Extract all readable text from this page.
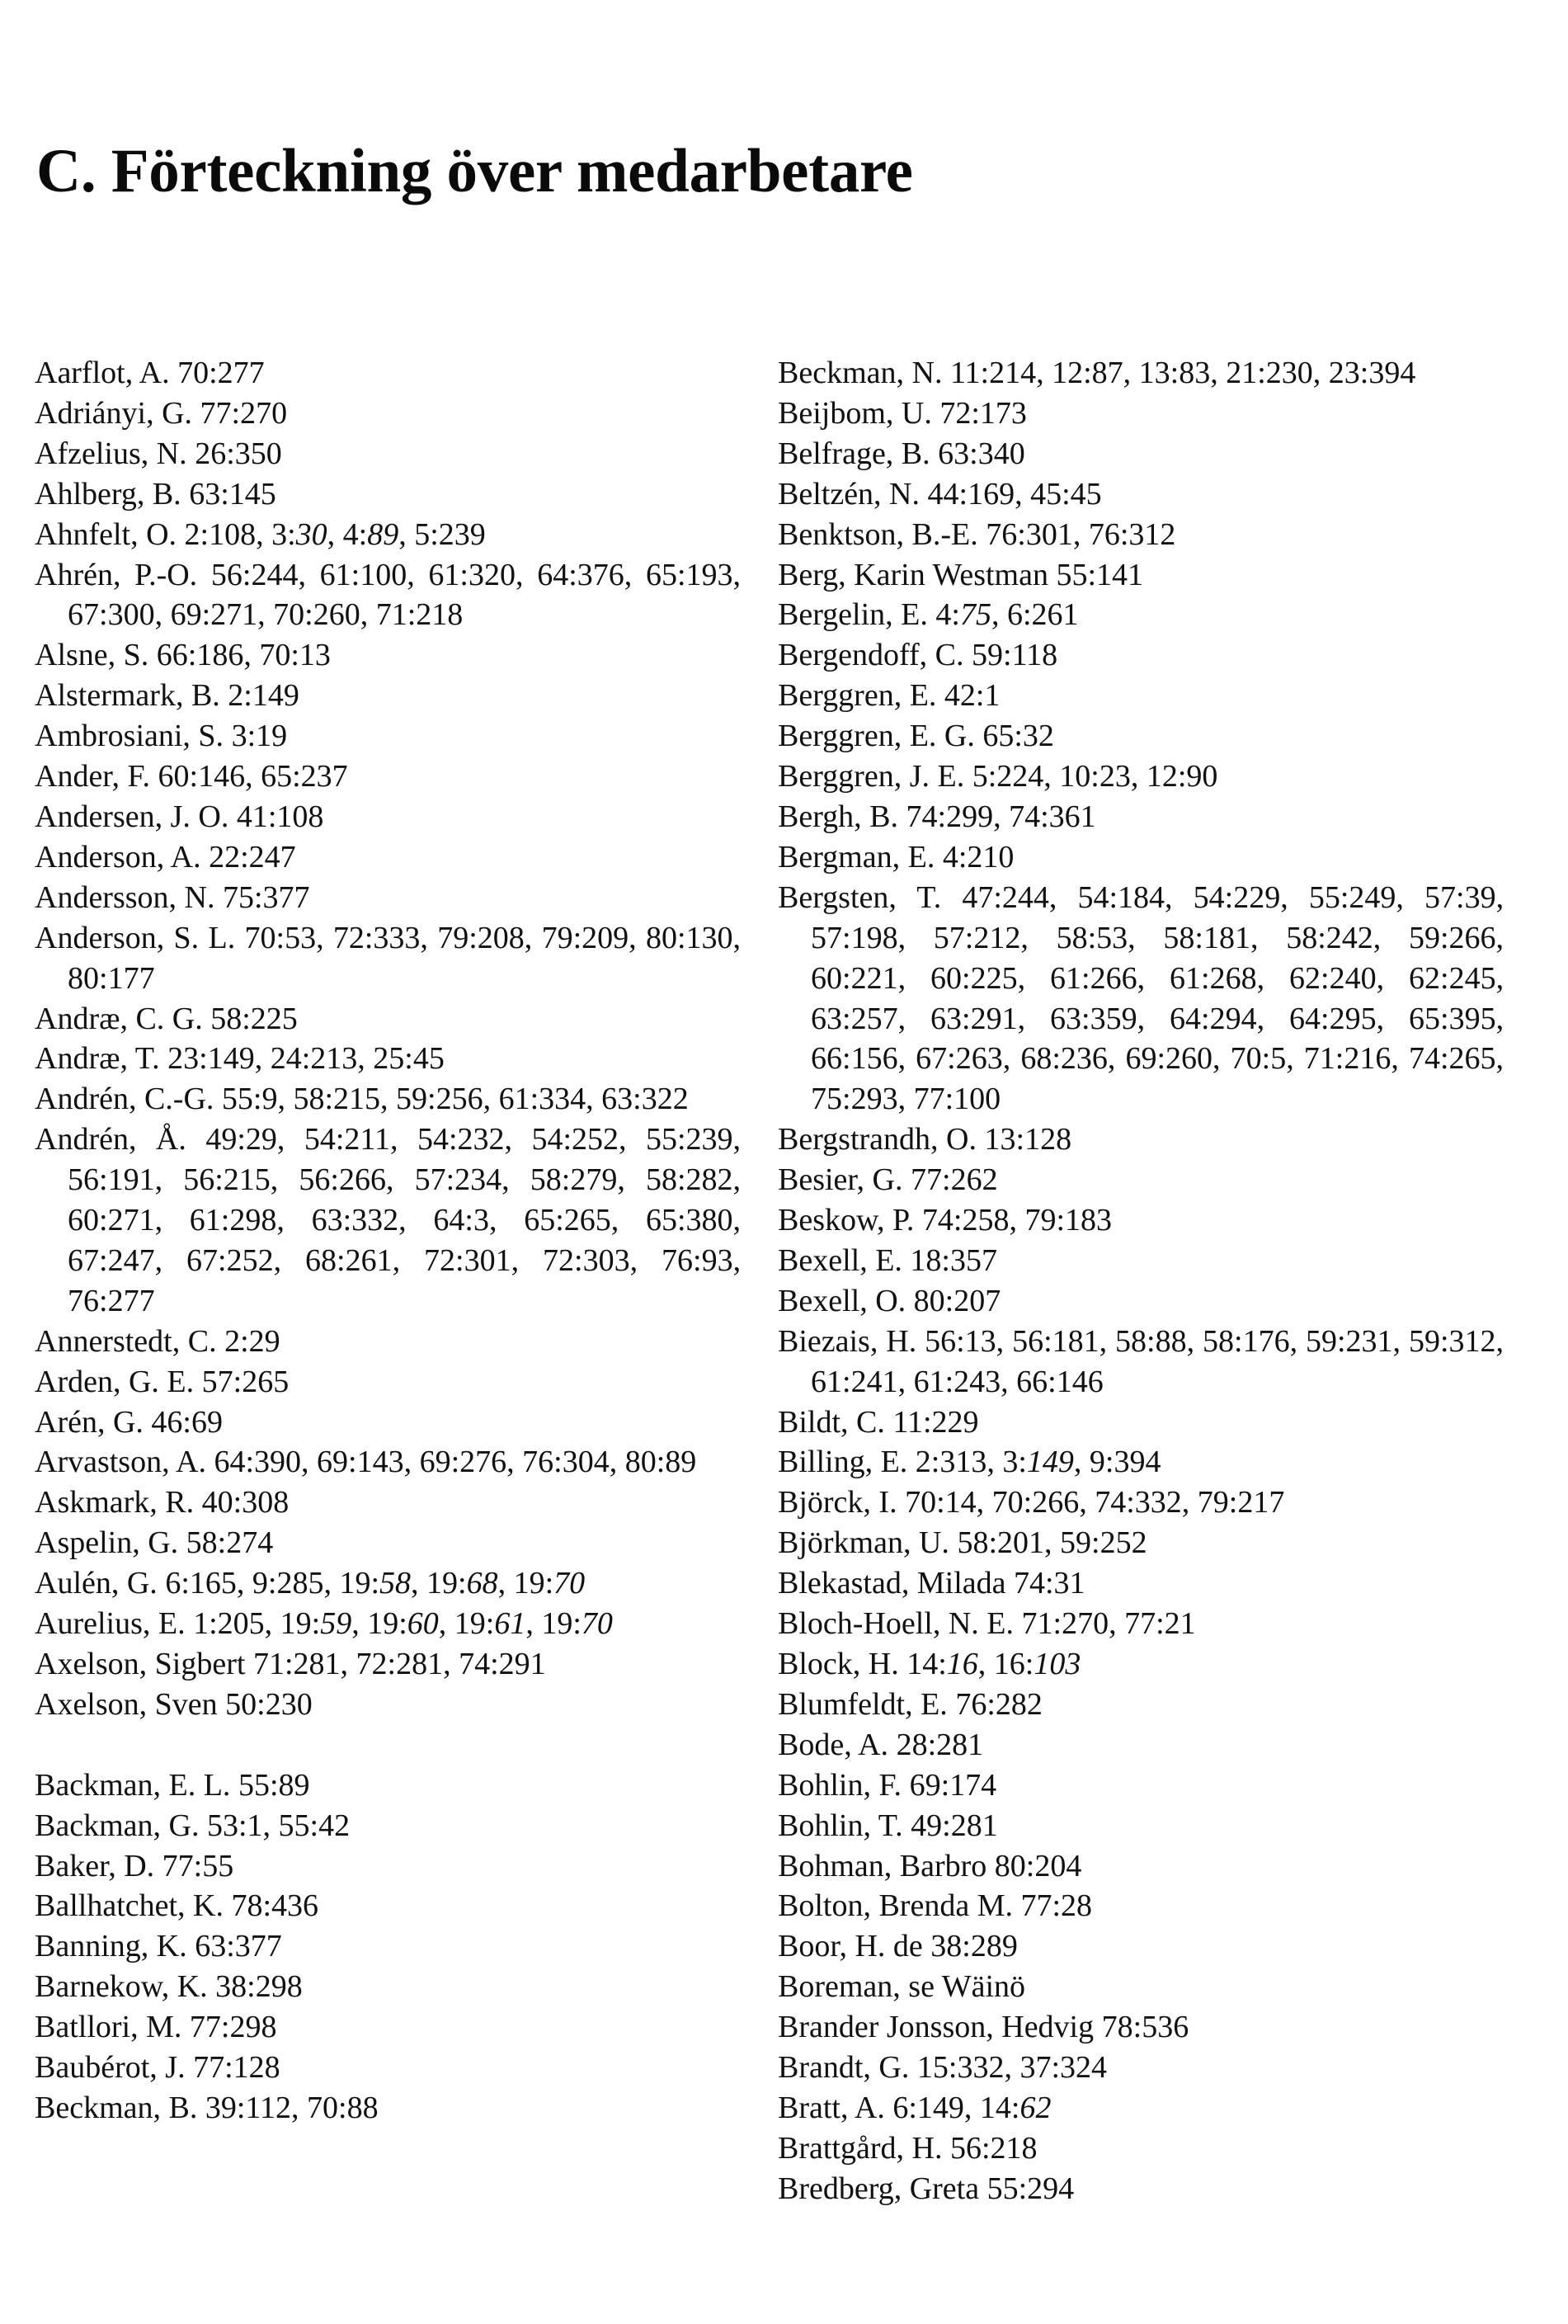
C. Förteckning över medarbetare
Aarflot, A. 70:277
Adriányi, G. 77:270
Afzelius, N. 26:350
Ahlberg, B. 63:145
Ahnfelt, O. 2:108, 3:30, 4:89, 5:239
Ahrén, P.-O. 56:244, 61:100, 61:320, 64:376, 65:193, 67:300, 69:271, 70:260, 71:218
Alsne, S. 66:186, 70:13
Alstermark, B. 2:149
Ambrosiani, S. 3:19
Ander, F. 60:146, 65:237
Andersen, J. O. 41:108
Anderson, A. 22:247
Andersson, N. 75:377
Anderson, S. L. 70:53, 72:333, 79:208, 79:209, 80:130, 80:177
Andræ, C. G. 58:225
Andræ, T. 23:149, 24:213, 25:45
Andrén, C.-G. 55:9, 58:215, 59:256, 61:334, 63:322
Andrén, Å. 49:29, 54:211, 54:232, 54:252, 55:239, 56:191, 56:215, 56:266, 57:234, 58:279, 58:282, 60:271, 61:298, 63:332, 64:3, 65:265, 65:380, 67:247, 67:252, 68:261, 72:301, 72:303, 76:93, 76:277
Annerstedt, C. 2:29
Arden, G. E. 57:265
Arén, G. 46:69
Arvastson, A. 64:390, 69:143, 69:276, 76:304, 80:89
Askmark, R. 40:308
Aspelin, G. 58:274
Aulén, G. 6:165, 9:285, 19:58, 19:68, 19:70
Aurelius, E. 1:205, 19:59, 19:60, 19:61, 19:70
Axelson, Sigbert 71:281, 72:281, 74:291
Axelson, Sven 50:230
Backman, E. L. 55:89
Backman, G. 53:1, 55:42
Baker, D. 77:55
Ballhatchet, K. 78:436
Banning, K. 63:377
Barnekow, K. 38:298
Batllori, M. 77:298
Baubérot, J. 77:128
Beckman, B. 39:112, 70:88
Beckman, N. 11:214, 12:87, 13:83, 21:230, 23:394
Beijbom, U. 72:173
Belfrage, B. 63:340
Beltzén, N. 44:169, 45:45
Benktson, B.-E. 76:301, 76:312
Berg, Karin Westman 55:141
Bergelin, E. 4:75, 6:261
Bergendoff, C. 59:118
Berggren, E. 42:1
Berggren, E. G. 65:32
Berggren, J. E. 5:224, 10:23, 12:90
Bergh, B. 74:299, 74:361
Bergman, E. 4:210
Bergsten, T. 47:244, 54:184, 54:229, 55:249, 57:39, 57:198, 57:212, 58:53, 58:181, 58:242, 59:266, 60:221, 60:225, 61:266, 61:268, 62:240, 62:245, 63:257, 63:291, 63:359, 64:294, 64:295, 65:395, 66:156, 67:263, 68:236, 69:260, 70:5, 71:216, 74:265, 75:293, 77:100
Bergstrandh, O. 13:128
Besier, G. 77:262
Beskow, P. 74:258, 79:183
Bexell, E. 18:357
Bexell, O. 80:207
Biezais, H. 56:13, 56:181, 58:88, 58:176, 59:231, 59:312, 61:241, 61:243, 66:146
Bildt, C. 11:229
Billing, E. 2:313, 3:149, 9:394
Björck, I. 70:14, 70:266, 74:332, 79:217
Björkman, U. 58:201, 59:252
Blekastad, Milada 74:31
Bloch-Hoell, N. E. 71:270, 77:21
Block, H. 14:16, 16:103
Blumfeldt, E. 76:282
Bode, A. 28:281
Bohlin, F. 69:174
Bohlin, T. 49:281
Bohman, Barbro 80:204
Bolton, Brenda M. 77:28
Boor, H. de 38:289
Boreman, se Wäinö
Brander Jonsson, Hedvig 78:536
Brandt, G. 15:332, 37:324
Bratt, A. 6:149, 14:62
Brattgård, H. 56:218
Bredberg, Greta 55:294
